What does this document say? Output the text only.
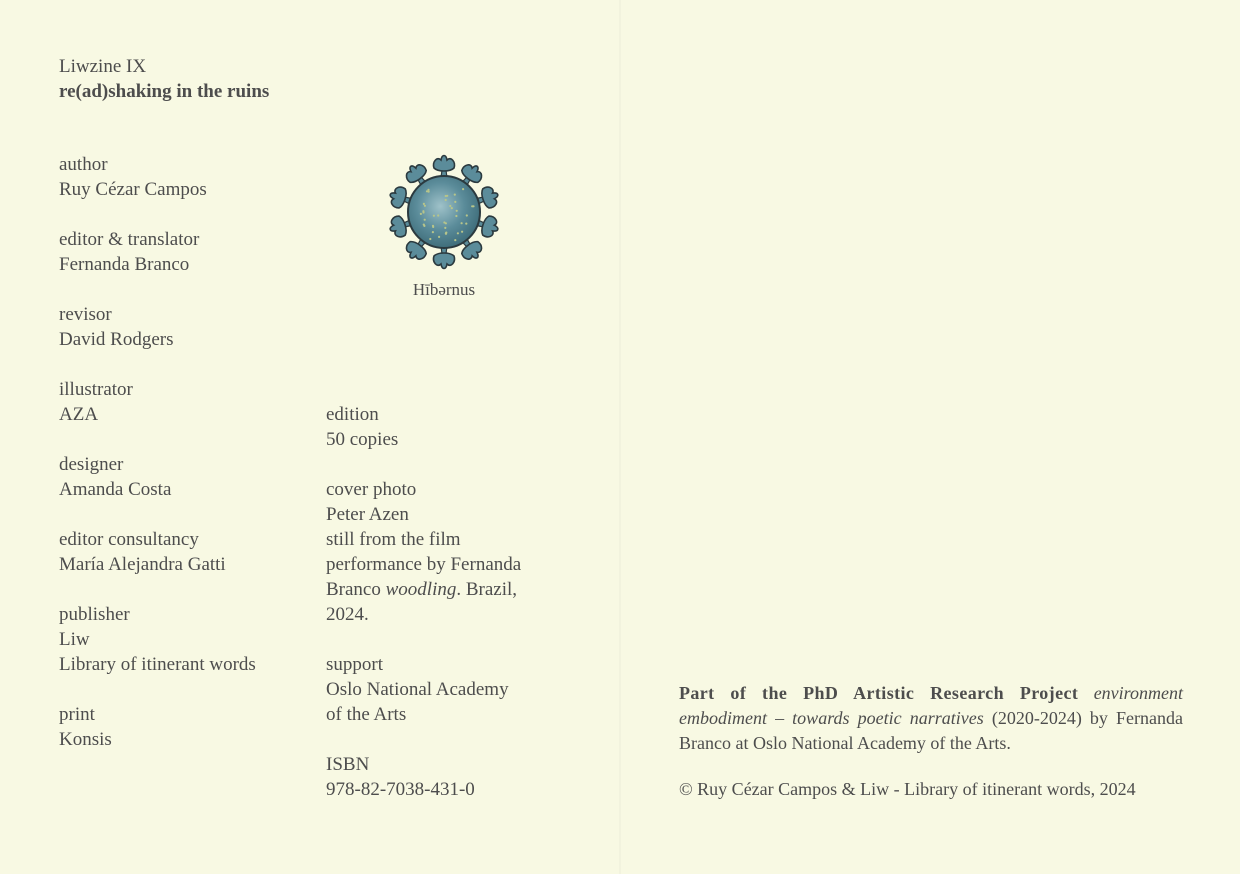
Liwzine IX
re(ad)shaking in the ruins
author
Ruy Cézar Campos
editor & translator
Fernanda Branco
revisor
David Rodgers
illustrator
AZA
designer
Amanda Costa
editor consultancy
María Alejandra Gatti
publisher
Liw
Library of itinerant words
print
Konsis
Hībərnus
edition
50 copies
cover photo
Peter Azen
still from the film
performance by Fernanda
Branco woodling. Brazil,
2024.
support
Oslo National Academy
of the Arts
ISBN
978-82-7038-431-0
Part of the PhD Artistic Research Project environment embodiment – towards poetic narratives (2020-2024) by Fernanda Branco at Oslo National Academy of the Arts.
© Ruy Cézar Campos & Liw - Library of itinerant words, 2024
